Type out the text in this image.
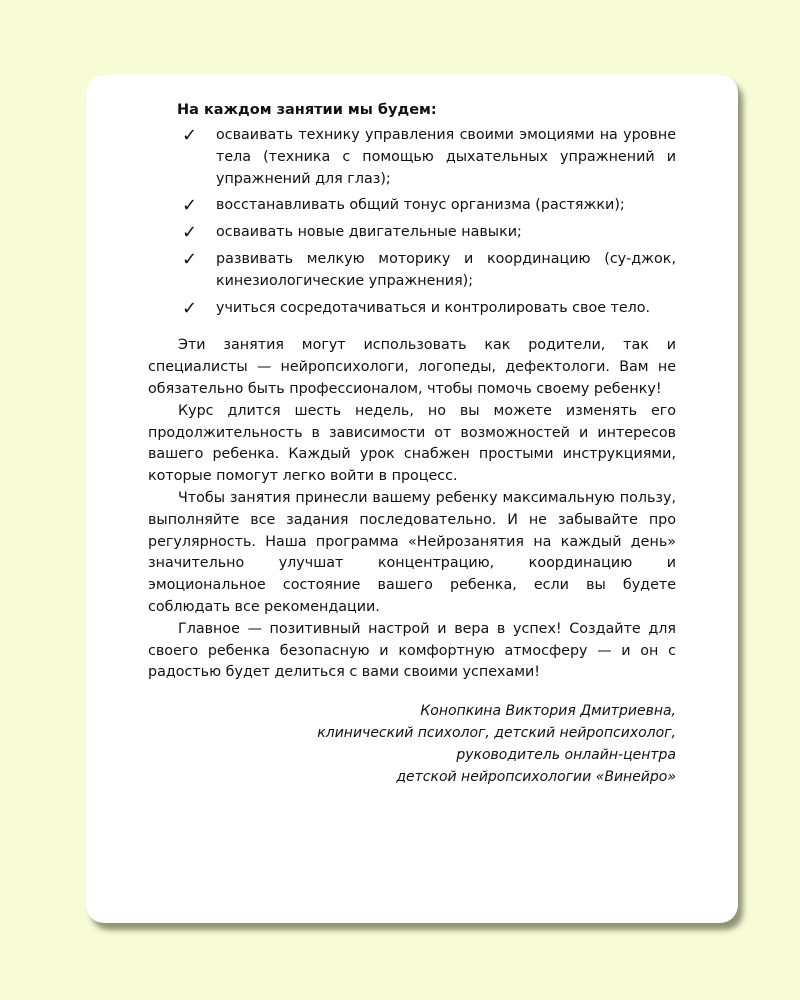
На каждом занятии мы будем:
✓ осваивать технику управления своими эмоциями на уровне тела (техника с помощью дыхательных упражнений и упражнений для глаз);
✓ восстанавливать общий тонус организма (растяжки);
✓ осваивать новые двигательные навыки;
✓ развивать мелкую моторику и координацию (су-джок, кинезиологические упражнения);
✓ учиться сосредотачиваться и контролировать свое тело.

Эти занятия могут использовать как родители, так и специалисты — нейропсихологи, логопеды, дефектологи. Вам не обязательно быть профессионалом, чтобы помочь своему ребенку!

Курс длится шесть недель, но вы можете изменять его продолжительность в зависимости от возможностей и интересов вашего ребенка. Каждый урок снабжен простыми инструкциями, которые помогут легко войти в процесс.

Чтобы занятия принесли вашему ребенку максимальную пользу, выполняйте все задания последовательно. И не забывайте про регулярность. Наша программа «Нейрозанятия на каждый день» значительно улучшат концентрацию, координацию и эмоциональное состояние вашего ребенка, если вы будете соблюдать все рекомендации.

Главное — позитивный настрой и вера в успех! Создайте для своего ребенка безопасную и комфортную атмосферу — и он с радостью будет делиться с вами своими успехами!

Конопкина Виктория Дмитриевна,
клинический психолог, детский нейропсихолог,
руководитель онлайн-центра
детской нейропсихологии «Винейро»
